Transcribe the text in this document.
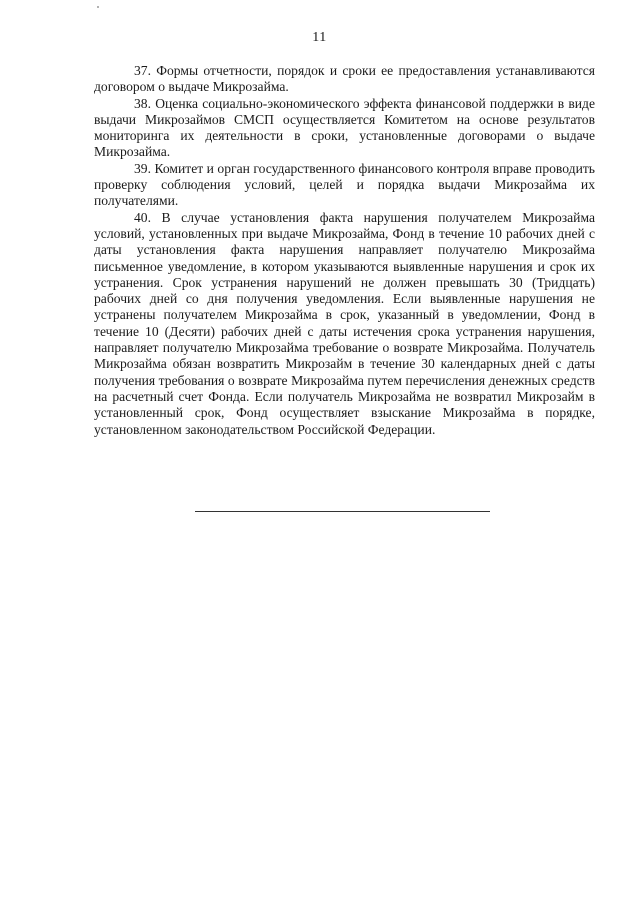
11

37. Формы отчетности, порядок и сроки ее предоставления устанавливаются договором о выдаче Микрозайма.

38. Оценка социально-экономического эффекта финансовой поддержки в виде выдачи Микрозаймов СМСП осуществляется Комитетом на основе результатов мониторинга их деятельности в сроки, установленные договорами о выдаче Микрозайма.

39. Комитет и орган государственного финансового контроля вправе проводить проверку соблюдения условий, целей и порядка выдачи Микрозайма их получателями.

40. В случае установления факта нарушения получателем Микрозайма условий, установленных при выдаче Микрозайма, Фонд в течение 10 рабочих дней с даты установления факта нарушения направляет получателю Микрозайма письменное уведомление, в котором указываются выявленные нарушения и срок их устранения. Срок устранения нарушений не должен превышать 30 (Тридцать) рабочих дней со дня получения уведомления. Если выявленные нарушения не устранены получателем Микрозайма в срок, указанный в уведомлении, Фонд в течение 10 (Десяти) рабочих дней с даты истечения срока устранения нарушения, направляет получателю Микрозайма требование о возврате Микрозайма. Получатель Микрозайма обязан возвратить Микрозайм в течение 30 календарных дней с даты получения требования о возврате Микрозайма путем перечисления денежных средств на расчетный счет Фонда. Если получатель Микрозайма не возвратил Микрозайм в установленный срок, Фонд осуществляет взыскание Микрозайма в порядке, установленном законодательством Российской Федерации.
